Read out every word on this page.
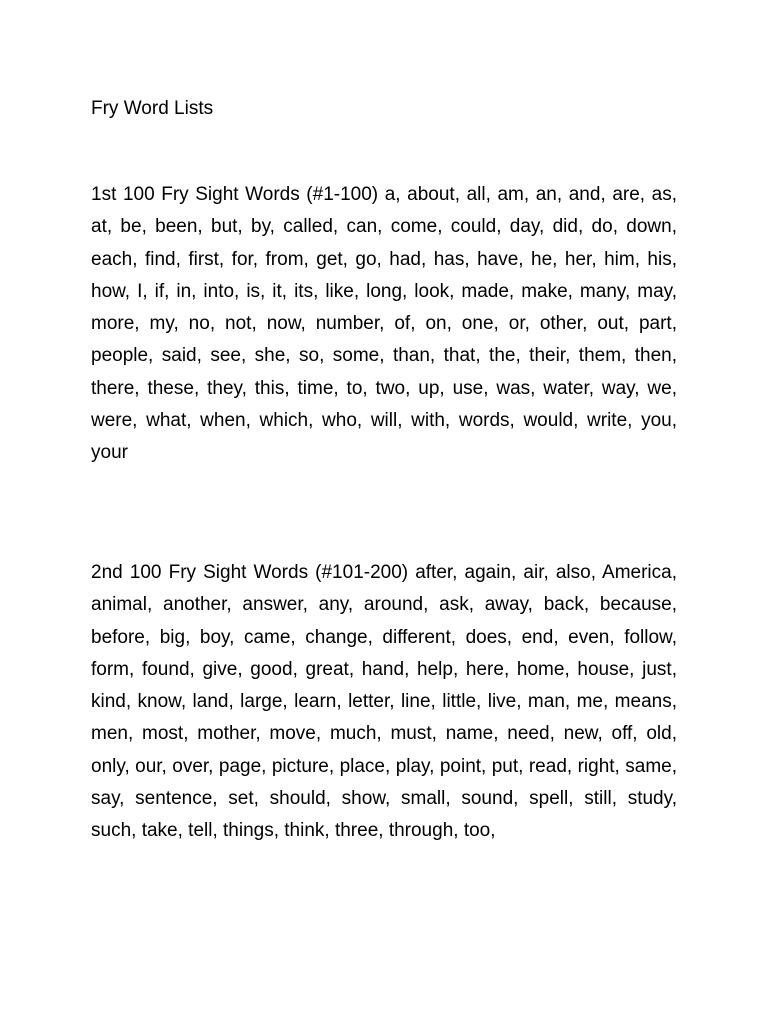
Fry Word Lists

1st 100 Fry Sight Words (#1-100) a, about, all, am, an, and, are, as, at, be, been, but, by, called, can, come, could, day, did, do, down, each, find, first, for, from, get, go, had, has, have, he, her, him, his, how, I, if, in, into, is, it, its, like, long, look, made, make, many, may, more, my, no, not, now, number, of, on, one, or, other, out, part, people, said, see, she, so, some, than, that, the, their, them, then, there, these, they, this, time, to, two, up, use, was, water, way, we, were, what, when, which, who, will, with, words, would, write, you, your

2nd 100 Fry Sight Words (#101-200) after, again, air, also, America, animal, another, answer, any, around, ask, away, back, because, before, big, boy, came, change, different, does, end, even, follow, form, found, give, good, great, hand, help, here, home, house, just, kind, know, land, large, learn, letter, line, little, live, man, me, means, men, most, mother, move, much, must, name, need, new, off, old, only, our, over, page, picture, place, play, point, put, read, right, same, say, sentence, set, should, show, small, sound, spell, still, study, such, take, tell, things, think, three, through, too,
